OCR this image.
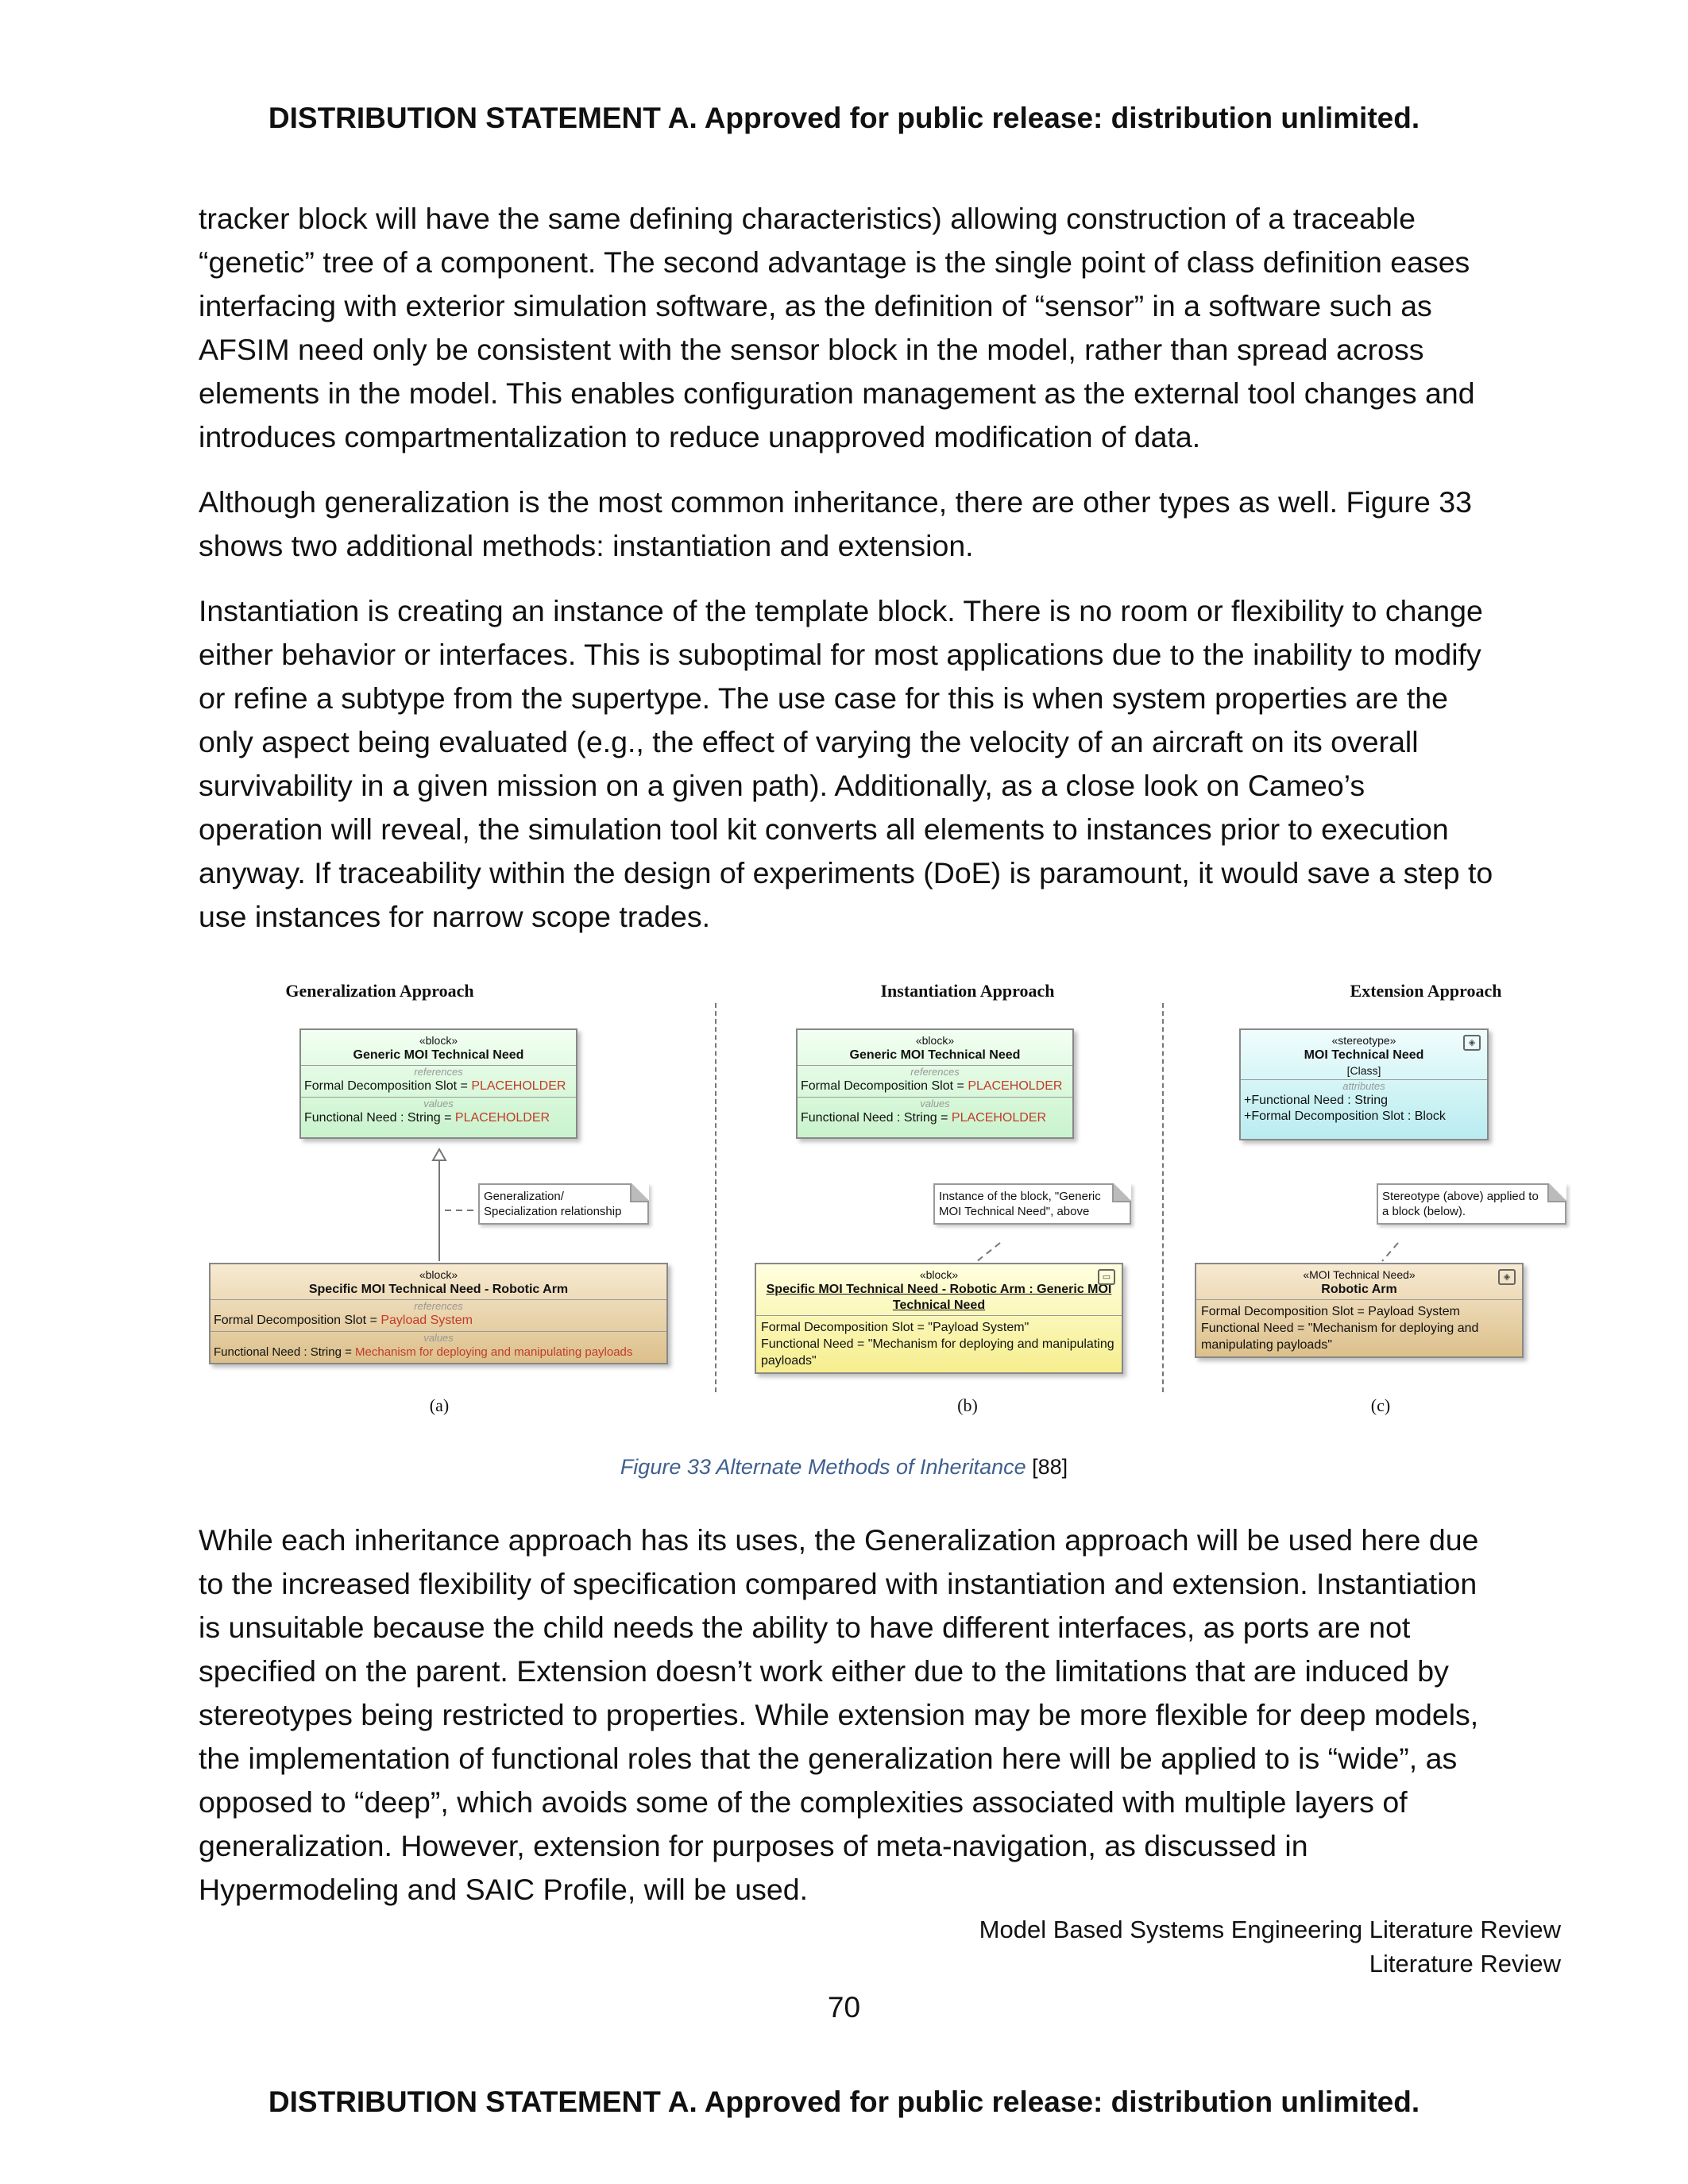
DISTRIBUTION STATEMENT A. Approved for public release: distribution unlimited.

tracker block will have the same defining characteristics) allowing construction of a traceable “genetic” tree of a component. The second advantage is the single point of class definition eases interfacing with exterior simulation software, as the definition of “sensor” in a software such as AFSIM need only be consistent with the sensor block in the model, rather than spread across elements in the model. This enables configuration management as the external tool changes and introduces compartmentalization to reduce unapproved modification of data.

Although generalization is the most common inheritance, there are other types as well. Figure 33 shows two additional methods: instantiation and extension.

Instantiation is creating an instance of the template block. There is no room or flexibility to change either behavior or interfaces. This is suboptimal for most applications due to the inability to modify or refine a subtype from the supertype. The use case for this is when system properties are the only aspect being evaluated (e.g., the effect of varying the velocity of an aircraft on its overall survivability in a given mission on a given path). Additionally, as a close look on Cameo’s operation will reveal, the simulation tool kit converts all elements to instances prior to execution anyway. If traceability within the design of experiments (DoE) is paramount, it would save a step to use instances for narrow scope trades.

Generalization Approach
«block»
Generic MOI Technical Need
references
Formal Decomposition Slot = PLACEHOLDER
values
Functional Need : String = PLACEHOLDER
Generalization/ Specialization relationship
«block»
Specific MOI Technical Need - Robotic Arm
references
Formal Decomposition Slot = Payload System
values
Functional Need : String = Mechanism for deploying and manipulating payloads
(a)
Instantiation Approach
«block»
Generic MOI Technical Need
references
Formal Decomposition Slot = PLACEHOLDER
values
Functional Need : String = PLACEHOLDER
Instance of the block, "Generic MOI Technical Need", above
▭
«block»
Specific MOI Technical Need - Robotic Arm : Generic MOI Technical Need
Formal Decomposition Slot = "Payload System"
Functional Need = "Mechanism for deploying and manipulating payloads"
(b)
Extension Approach
◈
«stereotype»
MOI Technical Need
[Class]
attributes
+Functional Need : String
+Formal Decomposition Slot : Block
Stereotype (above) applied to a block (below).
◈
«MOI Technical Need»
Robotic Arm
Formal Decomposition Slot = Payload System
Functional Need = "Mechanism for deploying and manipulating payloads"
(c)
Figure 33 Alternate Methods of Inheritance [88]

While each inheritance approach has its uses, the Generalization approach will be used here due to the increased flexibility of specification compared with instantiation and extension. Instantiation is unsuitable because the child needs the ability to have different interfaces, as ports are not specified on the parent. Extension doesn’t work either due to the limitations that are induced by stereotypes being restricted to properties. While extension may be more flexible for deep models, the implementation of functional roles that the generalization here will be applied to is “wide”, as opposed to “deep”, which avoids some of the complexities associated with multiple layers of generalization. However, extension for purposes of meta-navigation, as discussed in Hypermodeling and SAIC Profile, will be used.

Model Based Systems Engineering Literature Review
Literature Review
70
DISTRIBUTION STATEMENT A. Approved for public release: distribution unlimited.
